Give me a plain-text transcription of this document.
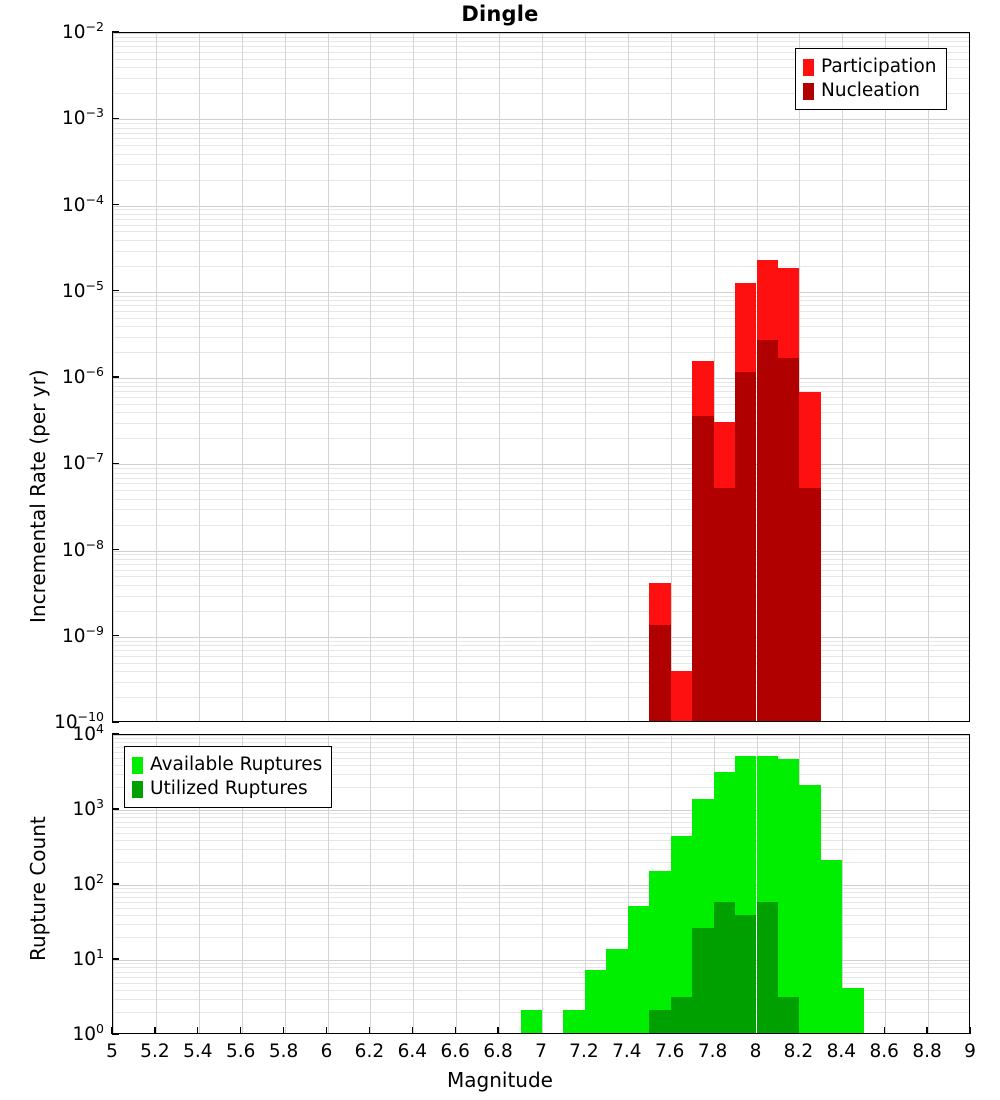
Dingle
$10^{-10}$
$10^{-9}$
$10^{-8}$
$10^{-7}$
$10^{-6}$
$10^{-5}$
$10^{-4}$
$10^{-3}$
$10^{-2}$
Incremental Rate (per yr)
Participation
Nucleation
$10^0$
$10^1$
$10^2$
$10^3$
$10^4$
Rupture Count
Available Ruptures
Utilized Ruptures
5	5.2 5.4 5.6 5.8	6	6.2 6.4 6.6 6.8	7	7.2 7.4 7.6 7.8	8	8.2 8.4 8.6 8.8	9
Magnitude
